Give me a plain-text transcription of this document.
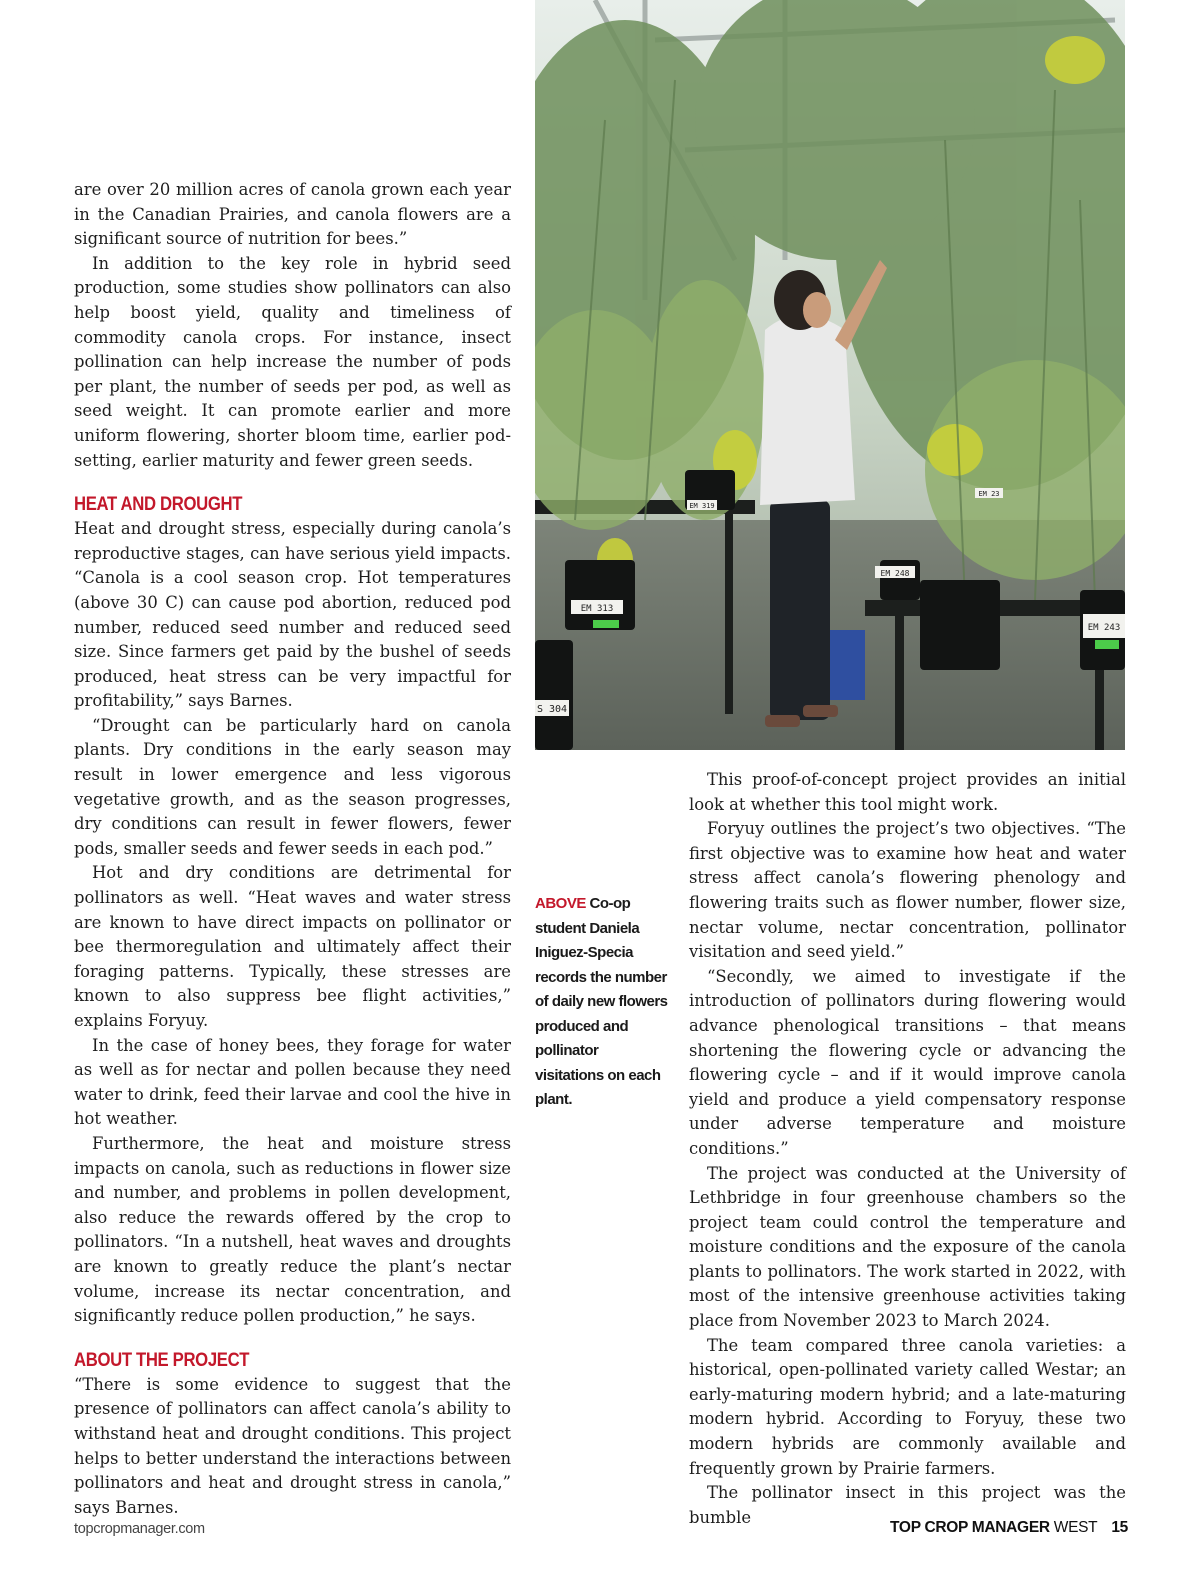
are over 20 million acres of canola grown each year in the Canadian Prairies, and canola flowers are a significant source of nutrition for bees.”

In addition to the key role in hybrid seed production, some studies show pollinators can also help boost yield, quality and timeliness of commodity canola crops. For instance, insect pollination can help increase the number of pods per plant, the number of seeds per pod, as well as seed weight. It can promote earlier and more uniform flowering, shorter bloom time, earlier pod-setting, earlier maturity and fewer green seeds.

HEAT AND DROUGHT

Heat and drought stress, especially during canola’s reproductive stages, can have serious yield impacts. “Canola is a cool season crop. Hot temperatures (above 30 C) can cause pod abortion, reduced pod number, reduced seed number and reduced seed size. Since farmers get paid by the bushel of seeds produced, heat stress can be very impactful for profitability,” says Barnes.

“Drought can be particularly hard on canola plants. Dry conditions in the early season may result in lower emergence and less vigorous vegetative growth, and as the season progresses, dry conditions can result in fewer flowers, fewer pods, smaller seeds and fewer seeds in each pod.”

Hot and dry conditions are detrimental for pollinators as well. “Heat waves and water stress are known to have direct impacts on pollinator or bee thermoregulation and ultimately affect their foraging patterns. Typically, these stresses are known to also suppress bee flight activities,” explains Foryuy.

In the case of honey bees, they forage for water as well as for nectar and pollen because they need water to drink, feed their larvae and cool the hive in hot weather.

Furthermore, the heat and moisture stress impacts on canola, such as reductions in flower size and number, and problems in pollen development, also reduce the rewards offered by the crop to pollinators. “In a nutshell, heat waves and droughts are known to greatly reduce the plant’s nectar volume, increase its nectar concentration, and significantly reduce pollen production,” he says.

ABOUT THE PROJECT

“There is some evidence to suggest that the presence of pollinators can affect canola’s ability to withstand heat and drought conditions. This project helps to better understand the interactions between pollinators and heat and drought stress in canola,” says Barnes.

EM 313
EM 243
EM 248
EM 319
S 304
EM 23
ABOVE Co-op student Daniela Iniguez-Specia records the number of daily new flowers produced and pollinator visitations on each plant.

This proof-of-concept project provides an initial look at whether this tool might work.

Foryuy outlines the project’s two objectives. “The first objective was to examine how heat and water stress affect canola’s flowering phenology and flowering traits such as flower number, flower size, nectar volume, nectar concentration, pollinator visitation and seed yield.”

“Secondly, we aimed to investigate if the introduction of pollinators during flowering would advance phenological transitions – that means shortening the flowering cycle or advancing the flowering cycle – and if it would improve canola yield and produce a yield compensatory response under adverse temperature and moisture conditions.”

The project was conducted at the University of Lethbridge in four greenhouse chambers so the project team could control the temperature and moisture conditions and the exposure of the canola plants to pollinators. The work started in 2022, with most of the intensive greenhouse activities taking place from November 2023 to March 2024.

The team compared three canola varieties: a historical, open-pollinated variety called Westar; an early-maturing modern hybrid; and a late-maturing modern hybrid. According to Foryuy, these two modern hybrids are commonly available and frequently grown by Prairie farmers.

The pollinator insect in this project was the bumble

topcropmanager.com	TOP CROP MANAGER WEST 15
